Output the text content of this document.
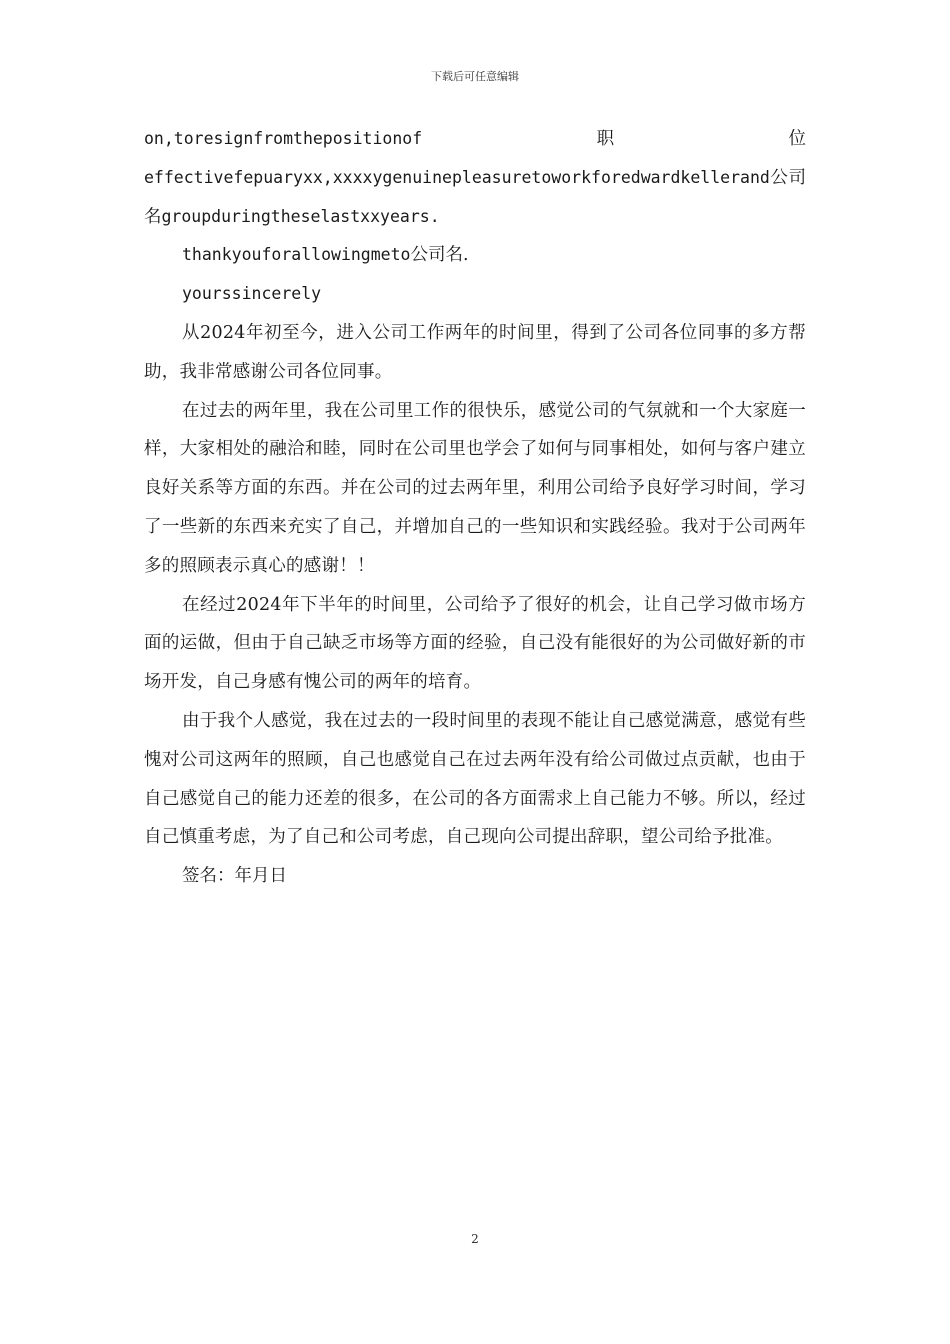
下载后可任意编辑

on,toresignfromthepositionof	职	位

effectivefepuaryxx,xxxxygenuinepleasuretoworkforedwardkellerand 公 司

名groupduringtheselastxxyears.

thankyouforallowingmeto公司名.

yourssincerely

从2024年初至今，进入公司工作两年的时间里，得到了公司各位同事的多方帮助，我非常感谢公司各位同事。

在过去的两年里，我在公司里工作的很快乐，感觉公司的气氛就和一个大家庭一样，大家相处的融洽和睦，同时在公司里也学会了如何与同事相处，如何与客户建立良好关系等方面的东西。并在公司的过去两年里，利用公司给予良好学习时间，学习了一些新的东西来充实了自己，并增加自己的一些知识和实践经验。我对于公司两年多的照顾表示真心的感谢！！

在经过2024年下半年的时间里，公司给予了很好的机会，让自己学习做市场方面的运做，但由于自己缺乏市场等方面的经验，自己没有能很好的为公司做好新的市场开发，自己身感有愧公司的两年的培育。

由于我个人感觉，我在过去的一段时间里的表现不能让自己感觉满意，感觉有些愧对公司这两年的照顾，自己也感觉自己在过去两年没有给公司做过点贡献，也由于自己感觉自己的能力还差的很多，在公司的各方面需求上自己能力不够。所以，经过自己慎重考虑，为了自己和公司考虑，自己现向公司提出辞职，望公司给予批准。

签名：年月日

2
